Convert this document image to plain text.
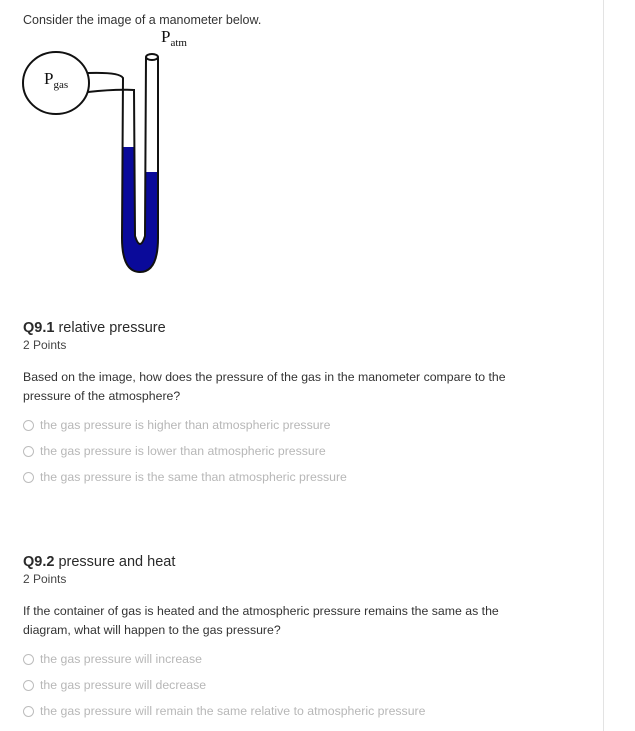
Consider the image of a manometer below.
$P_{gas}$
$P_{atm}$
Q9.1 relative pressure
2 Points
Based on the image, how does the pressure of the gas in the manometer compare to the pressure of the atmosphere?
the gas pressure is higher than atmospheric pressure
the gas pressure is lower than atmospheric pressure
the gas pressure is the same than atmospheric pressure
Q9.2 pressure and heat
2 Points
If the container of gas is heated and the atmospheric pressure remains the same as the diagram, what will happen to the gas pressure?
the gas pressure will increase
the gas pressure will decrease
the gas pressure will remain the same relative to atmospheric pressure
